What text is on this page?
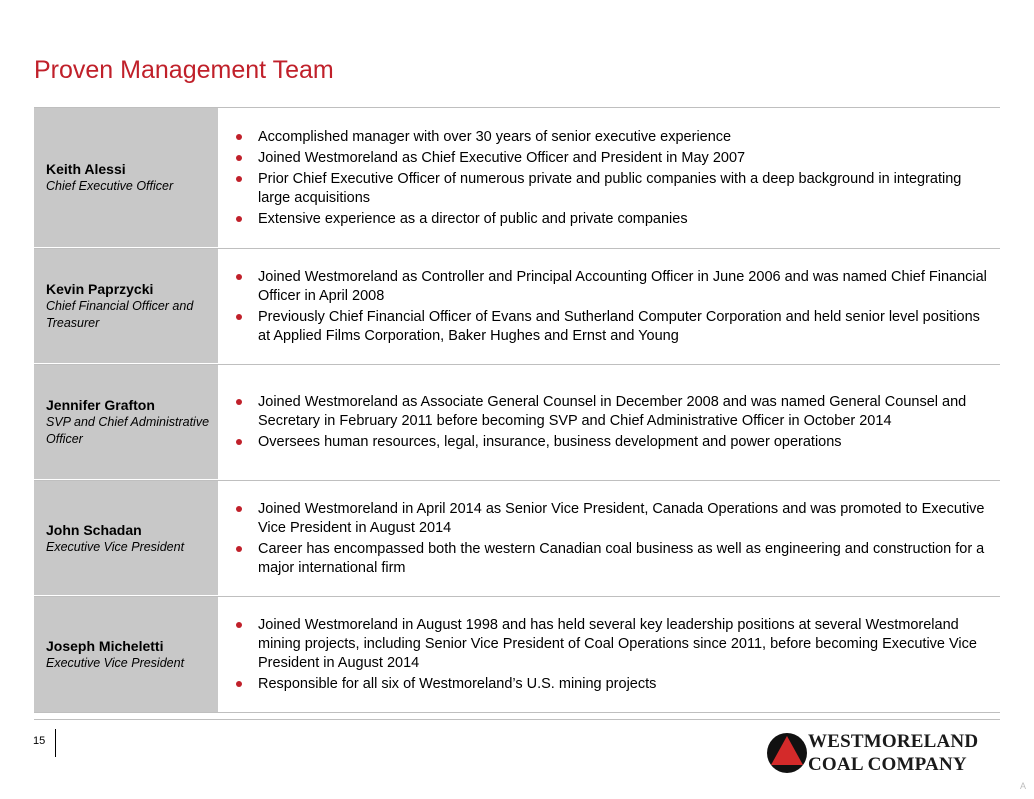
Proven Management Team
Keith Alessi
Chief Executive Officer
Accomplished manager with over 30 years of senior executive experience
Joined Westmoreland as Chief Executive Officer and President in May 2007
Prior Chief Executive Officer of numerous private and public companies with a deep background in integrating large acquisitions
Extensive experience as a director of public and private companies
Kevin Paprzycki
Chief Financial Officer and Treasurer
Joined Westmoreland as Controller and Principal Accounting Officer in June 2006 and was named Chief Financial Officer in April 2008
Previously Chief Financial Officer of Evans and Sutherland Computer Corporation and held senior level positions at Applied Films Corporation, Baker Hughes and Ernst and Young
Jennifer Grafton
SVP and Chief Administrative Officer
Joined Westmoreland as Associate General Counsel in December 2008 and was named General Counsel and Secretary in February 2011 before becoming SVP and Chief Administrative Officer in October 2014
Oversees human resources, legal, insurance, business development and power operations
John Schadan
Executive Vice President
Joined Westmoreland in April 2014 as Senior Vice President, Canada Operations and was promoted to Executive Vice President in August 2014
Career has encompassed both the western Canadian coal business as well as engineering and construction for a major international firm
Joseph Micheletti
Executive Vice President
Joined Westmoreland in August 1998 and has held several key leadership positions at several Westmoreland mining projects, including Senior Vice President of Coal Operations since 2011, before becoming Executive Vice President in August 2014
Responsible for all six of Westmoreland’s U.S. mining projects
15	WESTMORELAND
COAL COMPANY
A
